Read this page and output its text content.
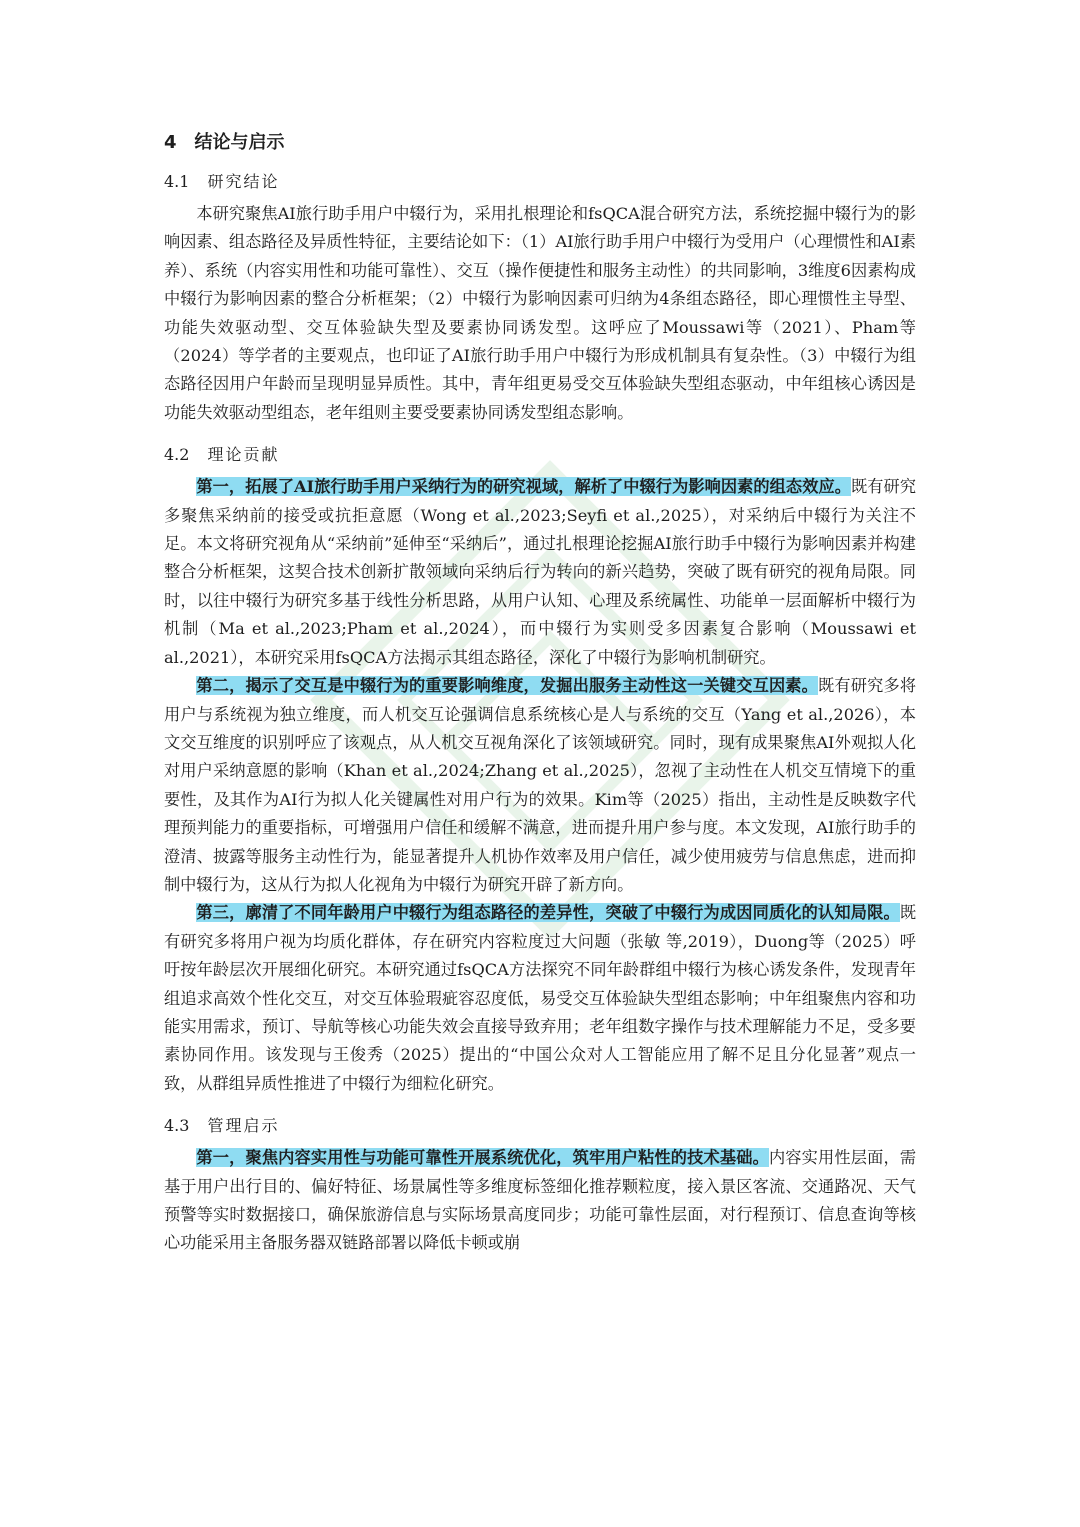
4 结论与启示
4.1 研究结论

本研究聚焦AI旅行助手用户中辍行为，采用扎根理论和fsQCA混合研究方法，系统挖掘中辍行为的影响因素、组态路径及异质性特征，主要结论如下：（1）AI旅行助手用户中辍行为受用户（心理惯性和AI素养）、系统（内容实用性和功能可靠性）、交互（操作便捷性和服务主动性）的共同影响，3维度6因素构成中辍行为影响因素的整合分析框架；（2）中辍行为影响因素可归纳为4条组态路径，即心理惯性主导型、功能失效驱动型、交互体验缺失型及要素协同诱发型。这呼应了Moussawi等（2021）、Pham等（2024）等学者的主要观点，也印证了AI旅行助手用户中辍行为形成机制具有复杂性。（3）中辍行为组态路径因用户年龄而呈现明显异质性。其中，青年组更易受交互体验缺失型组态驱动，中年组核心诱因是功能失效驱动型组态，老年组则主要受要素协同诱发型组态影响。

4.2 理论贡献

第一，拓展了AI旅行助手用户采纳行为的研究视域，解析了中辍行为影响因素的组态效应。既有研究多聚焦采纳前的接受或抗拒意愿（Wong et al.,2023;Seyfi et al.,2025），对采纳后中辍行为关注不足。本文将研究视角从“采纳前”延伸至“采纳后”，通过扎根理论挖掘AI旅行助手中辍行为影响因素并构建整合分析框架，这契合技术创新扩散领域向采纳后行为转向的新兴趋势，突破了既有研究的视角局限。同时，以往中辍行为研究多基于线性分析思路，从用户认知、心理及系统属性、功能单一层面解析中辍行为机制（Ma et al.,2023;Pham et al.,2024），而中辍行为实则受多因素复合影响（Moussawi et al.,2021），本研究采用fsQCA方法揭示其组态路径，深化了中辍行为影响机制研究。

第二，揭示了交互是中辍行为的重要影响维度，发掘出服务主动性这一关键交互因素。既有研究多将用户与系统视为独立维度，而人机交互论强调信息系统核心是人与系统的交互（Yang et al.,2026），本文交互维度的识别呼应了该观点，从人机交互视角深化了该领域研究。同时，现有成果聚焦AI外观拟人化对用户采纳意愿的影响（Khan et al.,2024;Zhang et al.,2025），忽视了主动性在人机交互情境下的重要性，及其作为AI行为拟人化关键属性对用户行为的效果。Kim等（2025）指出，主动性是反映数字代理预判能力的重要指标，可增强用户信任和缓解不满意，进而提升用户参与度。本文发现，AI旅行助手的澄清、披露等服务主动性行为，能显著提升人机协作效率及用户信任，减少使用疲劳与信息焦虑，进而抑制中辍行为，这从行为拟人化视角为中辍行为研究开辟了新方向。

第三，廓清了不同年龄用户中辍行为组态路径的差异性，突破了中辍行为成因同质化的认知局限。既有研究多将用户视为均质化群体，存在研究内容粒度过大问题（张敏 等,2019），Duong等（2025）呼吁按年龄层次开展细化研究。本研究通过fsQCA方法探究不同年龄群组中辍行为核心诱发条件，发现青年组追求高效个性化交互，对交互体验瑕疵容忍度低，易受交互体验缺失型组态影响；中年组聚焦内容和功能实用需求，预订、导航等核心功能失效会直接导致弃用；老年组数字操作与技术理解能力不足，受多要素协同作用。该发现与王俊秀（2025）提出的“中国公众对人工智能应用了解不足且分化显著”观点一致，从群组异质性推进了中辍行为细粒化研究。

4.3 管理启示

第一，聚焦内容实用性与功能可靠性开展系统优化，筑牢用户粘性的技术基础。内容实用性层面，需基于用户出行目的、偏好特征、场景属性等多维度标签细化推荐颗粒度，接入景区客流、交通路况、天气预警等实时数据接口，确保旅游信息与实际场景高度同步；功能可靠性层面，对行程预订、信息查询等核心功能采用主备服务器双链路部署以降低卡顿或崩
